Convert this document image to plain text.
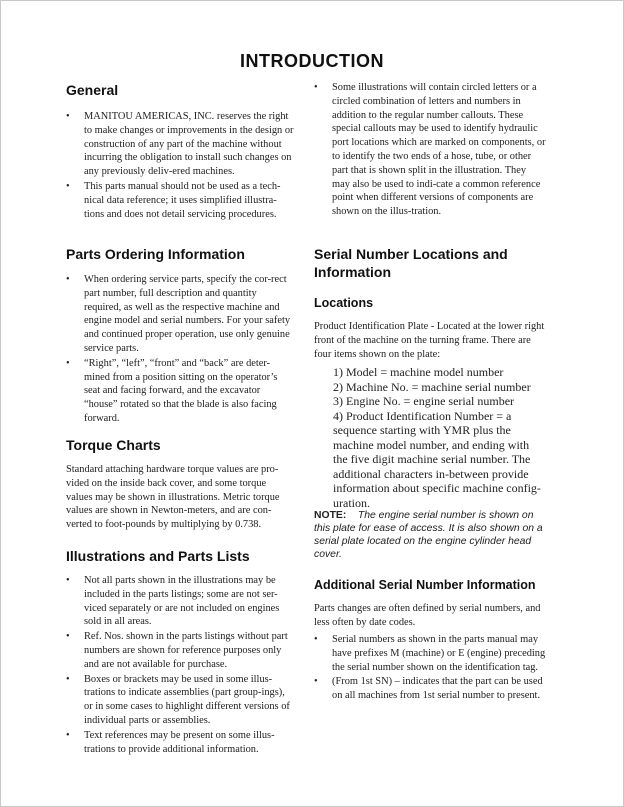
INTRODUCTION
General
• MANITOU AMERICAS, INC. reserves the right to make changes or improvements in the design or construction of any part of the machine without incurring the obligation to install such changes on any previously deliv-ered machines.
• This parts manual should not be used as a tech-nical data reference; it uses simplified illustra-tions and does not detail servicing procedures.
Parts Ordering Information
• When ordering service parts, specify the cor-rect part number, full description and quantity required, as well as the respective machine and engine model and serial numbers. For your safety and continued proper operation, use only genuine service parts.
• “Right”, “left”, “front” and “back” are deter-mined from a position sitting on the operator’s seat and facing forward, and the excavator “house” rotated so that the blade is also facing forward.
Torque Charts

Standard attaching hardware torque values are pro-vided on the inside back cover, and some torque values may be shown in illustrations. Metric torque values are shown in Newton-meters, and are con-verted to foot-pounds by multiplying by 0.738.

Illustrations and Parts Lists
• Not all parts shown in the illustrations may be included in the parts listings; some are not ser-viced separately or are not included on engines sold in all areas.
• Ref. Nos. shown in the parts listings without part numbers are shown for reference purposes only and are not available for purchase.
• Boxes or brackets may be used in some illus-trations to indicate assemblies (part group-ings), or in some cases to highlight different versions of individual parts or assemblies.
• Text references may be present on some illus-trations to provide additional information.
• Some illustrations will contain circled letters or a circled combination of letters and numbers in addition to the regular number callouts. These special callouts may be used to identify hydraulic port locations which are marked on components, or to identify the two ends of a hose, tube, or other part that is shown split in the illustration. They may also be used to indi-cate a common reference point when different versions of components are shown on the illus-tration.
Serial Number Locations and Information
Locations

Product Identification Plate - Located at the lower right front of the machine on the turning frame. There are four items shown on the plate:

1) Model = machine model number
2) Machine No. = machine serial number
3) Engine No. = engine serial number
4) Product Identification Number = a sequence starting with YMR plus the machine model number, and ending with the five digit machine serial number. The additional characters in-between provide information about specific machine config-uration.

NOTE: The engine serial number is shown on this plate for ease of access. It is also shown on a serial plate located on the engine cylinder head cover.

Additional Serial Number Information

Parts changes are often defined by serial numbers, and less often by date codes.

• Serial numbers as shown in the parts manual may have prefixes M (machine) or E (engine) preceding the serial number shown on the identification tag.
• (From 1st SN) – indicates that the part can be used on all machines from 1st serial number to present.
